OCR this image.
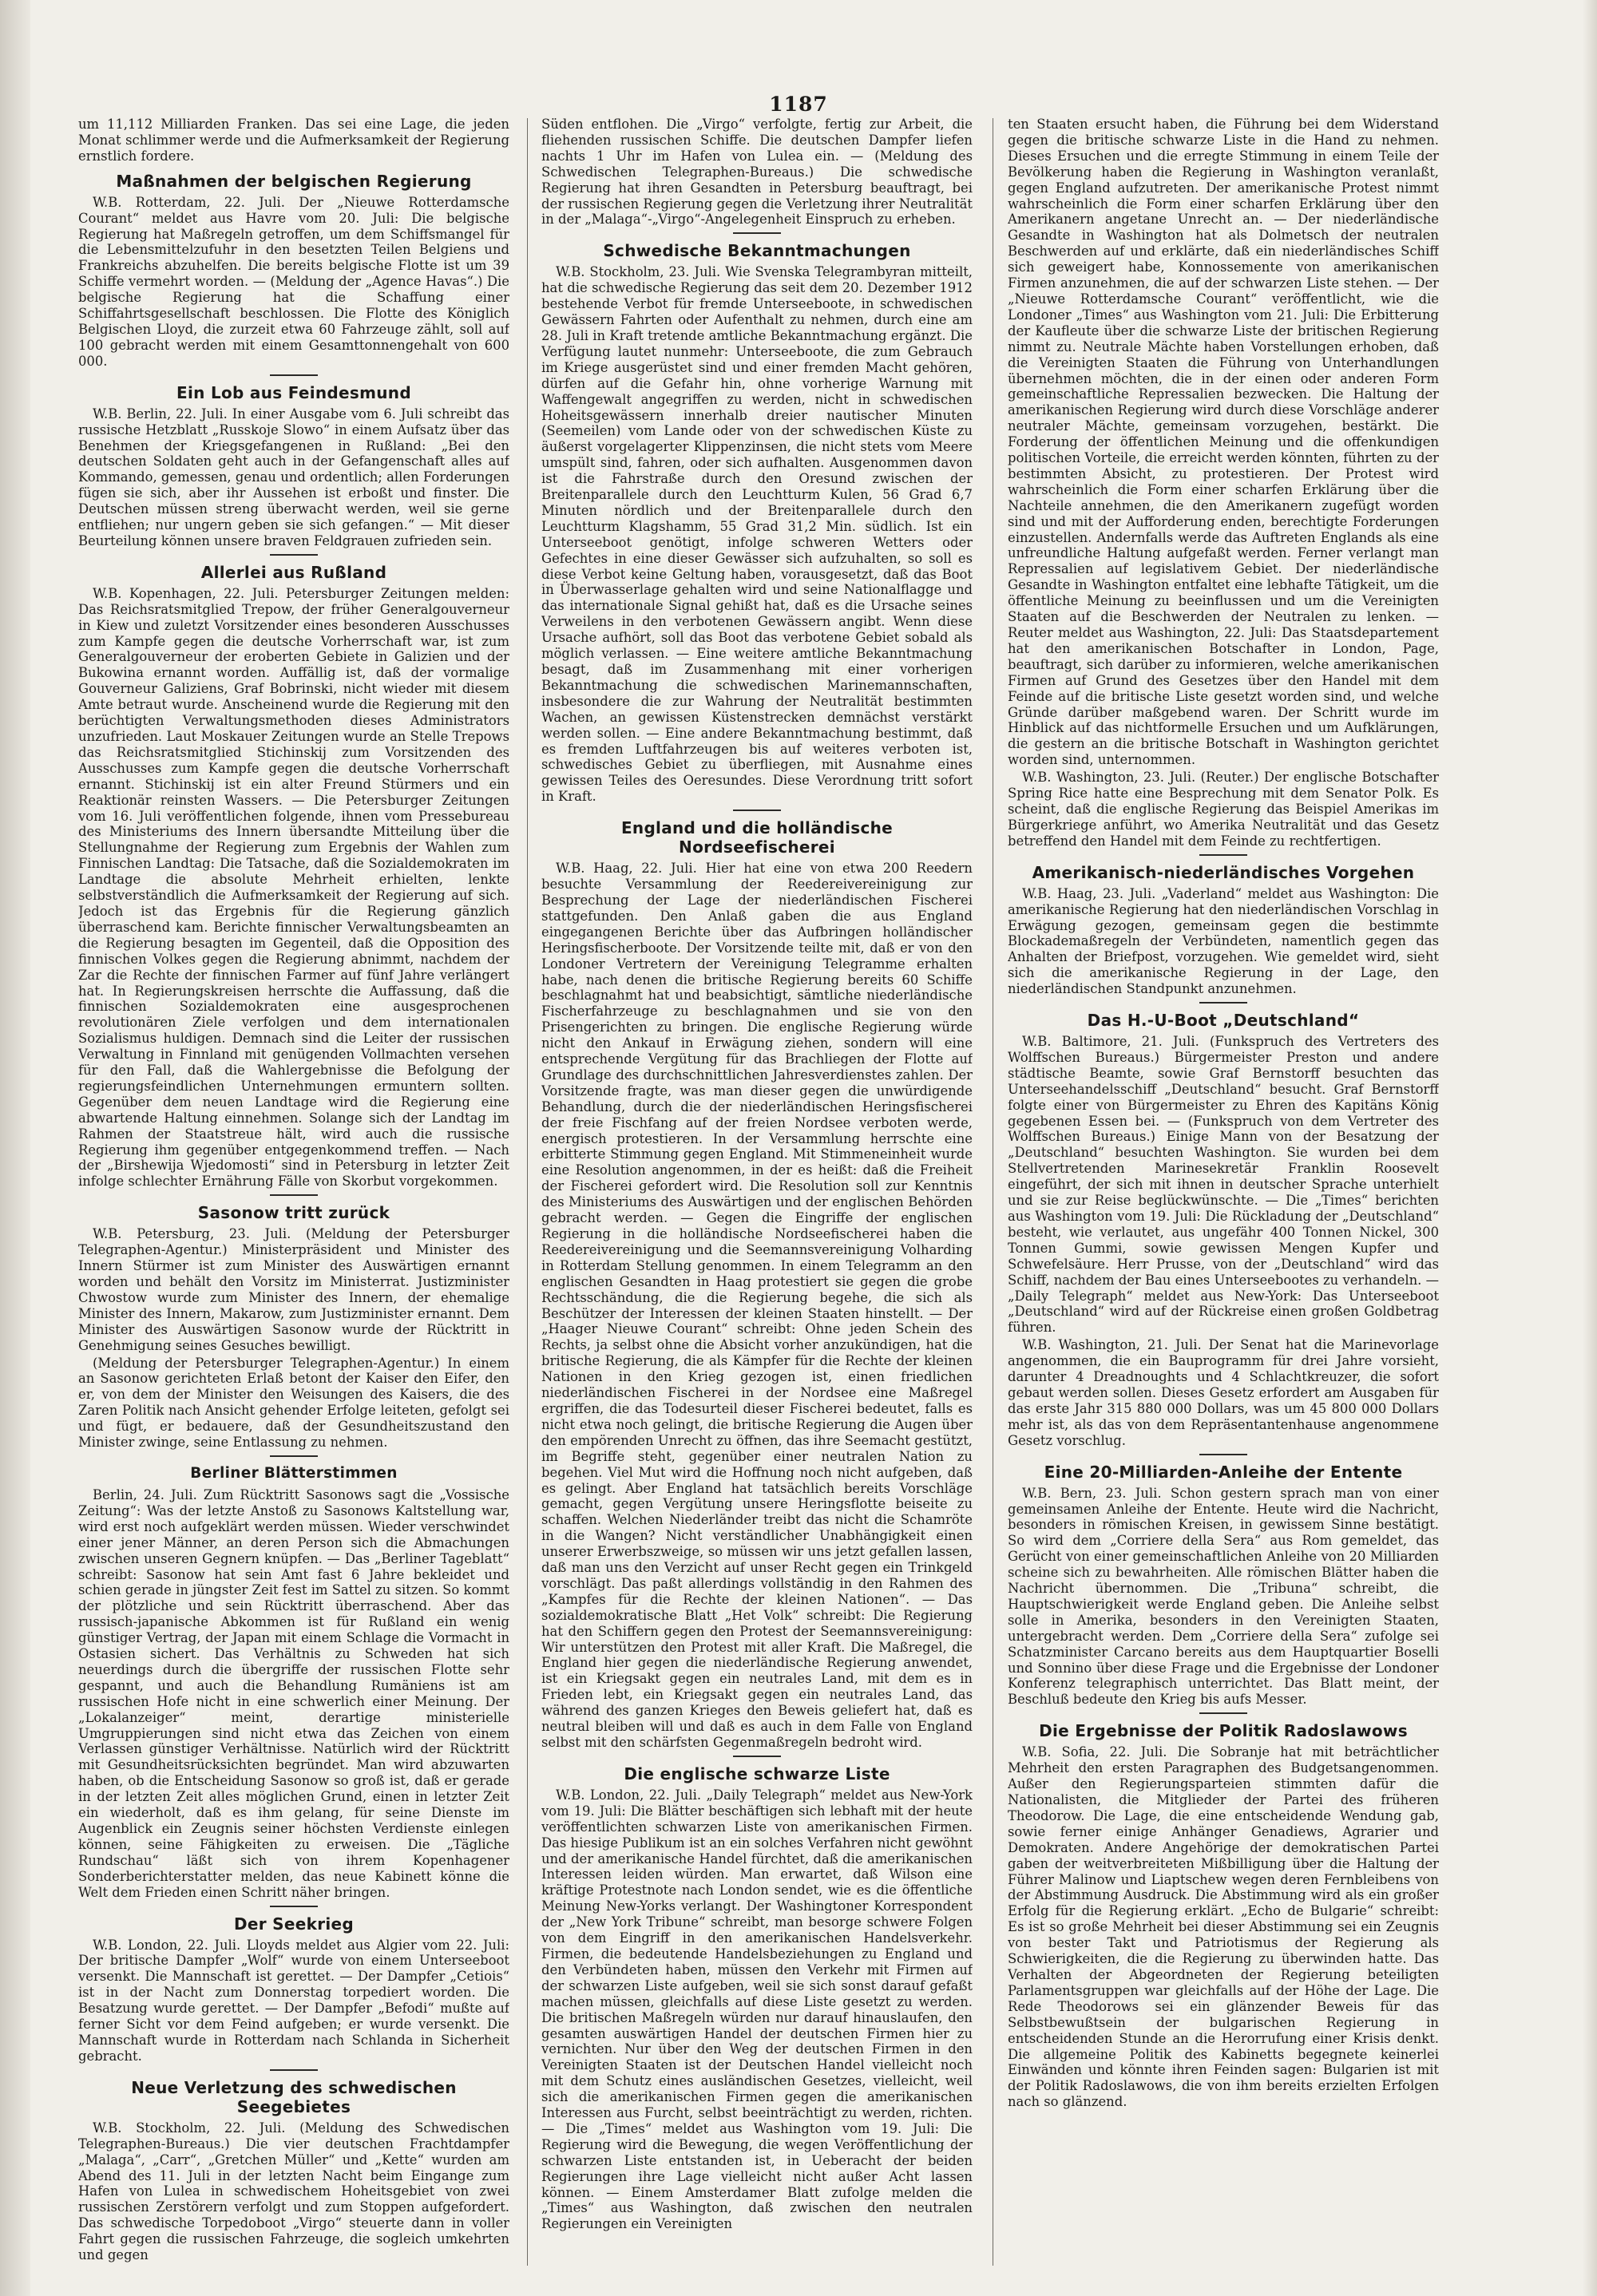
1187

um 11,112 Milliarden Franken. Das sei eine Lage, die jeden Monat schlimmer werde und die Aufmerksamkeit der Regierung ernstlich fordere.

Maßnahmen der belgischen Regierung

W.B. Rotterdam, 22. Juli. Der „Nieuwe Rotterdamsche Courant“ meldet aus Havre vom 20. Juli: Die belgische Regierung hat Maßregeln getroffen, um dem Schiffsmangel für die Lebensmittelzufuhr in den besetzten Teilen Belgiens und Frankreichs abzuhelfen. Die bereits belgische Flotte ist um 39 Schiffe vermehrt worden. — (Meldung der „Agence Havas“.) Die belgische Regierung hat die Schaffung einer Schiffahrtsgesellschaft beschlossen. Die Flotte des Königlich Belgischen Lloyd, die zurzeit etwa 60 Fahrzeuge zählt, soll auf 100 gebracht werden mit einem Gesamttonnengehalt von 600 000.

Ein Lob aus Feindesmund

W.B. Berlin, 22. Juli. In einer Ausgabe vom 6. Juli schreibt das russische Hetzblatt „Russkoje Slowo“ in einem Aufsatz über das Benehmen der Kriegsgefangenen in Rußland: „Bei den deutschen Soldaten geht auch in der Gefangenschaft alles auf Kommando, gemessen, genau und ordentlich; allen Forderungen fügen sie sich, aber ihr Aussehen ist erboßt und finster. Die Deutschen müssen streng überwacht werden, weil sie gerne entfliehen; nur ungern geben sie sich gefangen.“ — Mit dieser Beurteilung können unsere braven Feldgrauen zufrieden sein.

Allerlei aus Rußland

W.B. Kopenhagen, 22. Juli. Petersburger Zeitungen melden: Das Reichsratsmitglied Trepow, der früher Generalgouverneur in Kiew und zuletzt Vorsitzender eines besonderen Ausschusses zum Kampfe gegen die deutsche Vorherrschaft war, ist zum Generalgouverneur der eroberten Gebiete in Galizien und der Bukowina ernannt worden. Auffällig ist, daß der vormalige Gouverneur Galiziens, Graf Bobrinski, nicht wieder mit diesem Amte betraut wurde. Anscheinend wurde die Regierung mit den berüchtigten Verwaltungsmethoden dieses Administrators unzufrieden. Laut Moskauer Zeitungen wurde an Stelle Trepows das Reichsratsmitglied Stichinskij zum Vorsitzenden des Ausschusses zum Kampfe gegen die deutsche Vorherrschaft ernannt. Stichinskij ist ein alter Freund Stürmers und ein Reaktionär reinsten Wassers. — Die Petersburger Zeitungen vom 16. Juli veröffentlichen folgende, ihnen vom Pressebureau des Ministeriums des Innern übersandte Mitteilung über die Stellungnahme der Regierung zum Ergebnis der Wahlen zum Finnischen Landtag: Die Tatsache, daß die Sozialdemokraten im Landtage die absolute Mehrheit erhielten, lenkte selbstverständlich die Aufmerksamkeit der Regierung auf sich. Jedoch ist das Ergebnis für die Regierung gänzlich überraschend kam. Berichte finnischer Verwaltungsbeamten an die Regierung besagten im Gegenteil, daß die Opposition des finnischen Volkes gegen die Regierung abnimmt, nachdem der Zar die Rechte der finnischen Farmer auf fünf Jahre verlängert hat. In Regierungskreisen herrschte die Auffassung, daß die finnischen Sozialdemokraten eine ausgesprochenen revolutionären Ziele verfolgen und dem internationalen Sozialismus huldigen. Demnach sind die Leiter der russischen Verwaltung in Finnland mit genügenden Vollmachten versehen für den Fall, daß die Wahlergebnisse die Befolgung der regierungsfeindlichen Unternehmungen ermuntern sollten. Gegenüber dem neuen Landtage wird die Regierung eine abwartende Haltung einnehmen. Solange sich der Landtag im Rahmen der Staatstreue hält, wird auch die russische Regierung ihm gegenüber entgegenkommend treffen. — Nach der „Birshewija Wjedomosti“ sind in Petersburg in letzter Zeit infolge schlechter Ernährung Fälle von Skorbut vorgekommen.

Sasonow tritt zurück

W.B. Petersburg, 23. Juli. (Meldung der Petersburger Telegraphen-Agentur.) Ministerpräsident und Minister des Innern Stürmer ist zum Minister des Auswärtigen ernannt worden und behält den Vorsitz im Ministerrat. Justizminister Chwostow wurde zum Minister des Innern, der ehemalige Minister des Innern, Makarow, zum Justizminister ernannt. Dem Minister des Auswärtigen Sasonow wurde der Rücktritt in Genehmigung seines Gesuches bewilligt.

(Meldung der Petersburger Telegraphen-Agentur.) In einem an Sasonow gerichteten Erlaß betont der Kaiser den Eifer, den er, von dem der Minister den Weisungen des Kaisers, die des Zaren Politik nach Ansicht gehender Erfolge leiteten, gefolgt sei und fügt, er bedauere, daß der Gesundheitszustand den Minister zwinge, seine Entlassung zu nehmen.

Berliner Blätterstimmen

Berlin, 24. Juli. Zum Rücktritt Sasonows sagt die „Vossische Zeitung“: Was der letzte Anstoß zu Sasonows Kaltstellung war, wird erst noch aufgeklärt werden müssen. Wieder verschwindet einer jener Männer, an deren Person sich die Abmachungen zwischen unseren Gegnern knüpfen. — Das „Berliner Tageblatt“ schreibt: Sasonow hat sein Amt fast 6 Jahre bekleidet und schien gerade in jüngster Zeit fest im Sattel zu sitzen. So kommt der plötzliche und sein Rücktritt überraschend. Aber das russisch-japanische Abkommen ist für Rußland ein wenig günstiger Vertrag, der Japan mit einem Schlage die Vormacht in Ostasien sichert. Das Verhältnis zu Schweden hat sich neuerdings durch die übergriffe der russischen Flotte sehr gespannt, und auch die Behandlung Rumäniens ist am russischen Hofe nicht in eine schwerlich einer Meinung. Der „Lokalanzeiger“ meint, derartige ministerielle Umgruppierungen sind nicht etwa das Zeichen von einem Verlassen günstiger Verhältnisse. Natürlich wird der Rücktritt mit Gesundheitsrücksichten begründet. Man wird abzuwarten haben, ob die Entscheidung Sasonow so groß ist, daß er gerade in der letzten Zeit alles möglichen Grund, einen in letzter Zeit ein wiederholt, daß es ihm gelang, für seine Dienste im Augenblick ein Zeugnis seiner höchsten Verdienste einlegen können, seine Fähigkeiten zu erweisen. Die „Tägliche Rundschau“ läßt sich von ihrem Kopenhagener Sonderberichterstatter melden, das neue Kabinett könne die Welt dem Frieden einen Schritt näher bringen.

Der Seekrieg

W.B. London, 22. Juli. Lloyds meldet aus Algier vom 22. Juli: Der britische Dampfer „Wolf“ wurde von einem Unterseeboot versenkt. Die Mannschaft ist gerettet. — Der Dampfer „Cetiois“ ist in der Nacht zum Donnerstag torpediert worden. Die Besatzung wurde gerettet. — Der Dampfer „Befodi“ mußte auf ferner Sicht vor dem Feind aufgeben; er wurde versenkt. Die Mannschaft wurde in Rotterdam nach Schlanda in Sicherheit gebracht.

Neue Verletzung des schwedischen Seegebietes

W.B. Stockholm, 22. Juli. (Meldung des Schwedischen Telegraphen-Bureaus.) Die vier deutschen Frachtdampfer „Malaga“, „Carr“, „Gretchen Müller“ und „Kette“ wurden am Abend des 11. Juli in der letzten Nacht beim Eingange zum Hafen von Lulea in schwedischem Hoheitsgebiet von zwei russischen Zerstörern verfolgt und zum Stoppen aufgefordert. Das schwedische Torpedoboot „Virgo“ steuerte dann in voller Fahrt gegen die russischen Fahrzeuge, die sogleich umkehrten und gegen

Süden entflohen. Die „Virgo“ verfolgte, fertig zur Arbeit, die fliehenden russischen Schiffe. Die deutschen Dampfer liefen nachts 1 Uhr im Hafen von Lulea ein. — (Meldung des Schwedischen Telegraphen-Bureaus.) Die schwedische Regierung hat ihren Gesandten in Petersburg beauftragt, bei der russischen Regierung gegen die Verletzung ihrer Neutralität in der „Malaga“-„Virgo“-Angelegenheit Einspruch zu erheben.

Schwedische Bekanntmachungen

W.B. Stockholm, 23. Juli. Wie Svenska Telegrambyran mitteilt, hat die schwedische Regierung das seit dem 20. Dezember 1912 bestehende Verbot für fremde Unterseeboote, in schwedischen Gewässern Fahrten oder Aufenthalt zu nehmen, durch eine am 28. Juli in Kraft tretende amtliche Bekanntmachung ergänzt. Die Verfügung lautet nunmehr: Unterseeboote, die zum Gebrauch im Kriege ausgerüstet sind und einer fremden Macht gehören, dürfen auf die Gefahr hin, ohne vorherige Warnung mit Waffengewalt angegriffen zu werden, nicht in schwedischen Hoheitsgewässern innerhalb dreier nautischer Minuten (Seemeilen) vom Lande oder von der schwedischen Küste zu äußerst vorgelagerter Klippenzinsen, die nicht stets vom Meere umspült sind, fahren, oder sich aufhalten. Ausgenommen davon ist die Fahrstraße durch den Oresund zwischen der Breitenparallele durch den Leuchtturm Kulen, 56 Grad 6,7 Minuten nördlich und der Breitenparallele durch den Leuchtturm Klagshamm, 55 Grad 31,2 Min. südlich. Ist ein Unterseeboot genötigt, infolge schweren Wetters oder Gefechtes in eine dieser Gewässer sich aufzuhalten, so soll es diese Verbot keine Geltung haben, vorausgesetzt, daß das Boot in Überwasserlage gehalten wird und seine Nationalflagge und das internationale Signal gehißt hat, daß es die Ursache seines Verweilens in den verbotenen Gewässern angibt. Wenn diese Ursache aufhört, soll das Boot das verbotene Gebiet sobald als möglich verlassen. — Eine weitere amtliche Bekanntmachung besagt, daß im Zusammenhang mit einer vorherigen Bekanntmachung die schwedischen Marinemannschaften, insbesondere die zur Wahrung der Neutralität bestimmten Wachen, an gewissen Küstenstrecken demnächst verstärkt werden sollen. — Eine andere Bekanntmachung bestimmt, daß es fremden Luftfahrzeugen bis auf weiteres verboten ist, schwedisches Gebiet zu überfliegen, mit Ausnahme eines gewissen Teiles des Oeresundes. Diese Verordnung tritt sofort in Kraft.

England und die holländische Nordseefischerei

W.B. Haag, 22. Juli. Hier hat eine von etwa 200 Reedern besuchte Versammlung der Reedereivereinigung zur Besprechung der Lage der niederländischen Fischerei stattgefunden. Den Anlaß gaben die aus England eingegangenen Berichte über das Aufbringen holländischer Heringsfischerboote. Der Vorsitzende teilte mit, daß er von den Londoner Vertretern der Vereinigung Telegramme erhalten habe, nach denen die britische Regierung bereits 60 Schiffe beschlagnahmt hat und beabsichtigt, sämtliche niederländische Fischerfahrzeuge zu beschlagnahmen und sie von den Prisengerichten zu bringen. Die englische Regierung würde nicht den Ankauf in Erwägung ziehen, sondern will eine entsprechende Vergütung für das Brachliegen der Flotte auf Grundlage des durchschnittlichen Jahresverdienstes zahlen. Der Vorsitzende fragte, was man dieser gegen die unwürdigende Behandlung, durch die der niederländischen Heringsfischerei der freie Fischfang auf der freien Nordsee verboten werde, energisch protestieren. In der Versammlung herrschte eine erbitterte Stimmung gegen England. Mit Stimmeneinheit wurde eine Resolution angenommen, in der es heißt: daß die Freiheit der Fischerei gefordert wird. Die Resolution soll zur Kenntnis des Ministeriums des Auswärtigen und der englischen Behörden gebracht werden. — Gegen die Eingriffe der englischen Regierung in die holländische Nordseefischerei haben die Reedereivereinigung und die Seemannsvereinigung Volharding in Rotterdam Stellung genommen. In einem Telegramm an den englischen Gesandten in Haag protestiert sie gegen die grobe Rechtsschändung, die die Regierung begehe, die sich als Beschützer der Interessen der kleinen Staaten hinstellt. — Der „Haager Nieuwe Courant“ schreibt: Ohne jeden Schein des Rechts, ja selbst ohne die Absicht vorher anzukündigen, hat die britische Regierung, die als Kämpfer für die Rechte der kleinen Nationen in den Krieg gezogen ist, einen friedlichen niederländischen Fischerei in der Nordsee eine Maßregel ergriffen, die das Todesurteil dieser Fischerei bedeutet, falls es nicht etwa noch gelingt, die britische Regierung die Augen über den empörenden Unrecht zu öffnen, das ihre Seemacht gestützt, im Begriffe steht, gegenüber einer neutralen Nation zu begehen. Viel Mut wird die Hoffnung noch nicht aufgeben, daß es gelingt. Aber England hat tatsächlich bereits Vorschläge gemacht, gegen Vergütung unsere Heringsflotte beiseite zu schaffen. Welchen Niederländer treibt das nicht die Schamröte in die Wangen? Nicht verständlicher Unabhängigkeit einen unserer Erwerbszweige, so müssen wir uns jetzt gefallen lassen, daß man uns den Verzicht auf unser Recht gegen ein Trinkgeld vorschlägt. Das paßt allerdings vollständig in den Rahmen des „Kampfes für die Rechte der kleinen Nationen“. — Das sozialdemokratische Blatt „Het Volk“ schreibt: Die Regierung hat den Schiffern gegen den Protest der Seemannsvereinigung: Wir unterstützen den Protest mit aller Kraft. Die Maßregel, die England hier gegen die niederländische Regierung anwendet, ist ein Kriegsakt gegen ein neutrales Land, mit dem es in Frieden lebt, ein Kriegsakt gegen ein neutrales Land, das während des ganzen Krieges den Beweis geliefert hat, daß es neutral bleiben will und daß es auch in dem Falle von England selbst mit den schärfsten Gegenmaßregeln bedroht wird.

Die englische schwarze Liste

W.B. London, 22. Juli. „Daily Telegraph“ meldet aus New-York vom 19. Juli: Die Blätter beschäftigen sich lebhaft mit der heute veröffentlichten schwarzen Liste von amerikanischen Firmen. Das hiesige Publikum ist an ein solches Verfahren nicht gewöhnt und der amerikanische Handel fürchtet, daß die amerikanischen Interessen leiden würden. Man erwartet, daß Wilson eine kräftige Protestnote nach London sendet, wie es die öffentliche Meinung New-Yorks verlangt. Der Washingtoner Korrespondent der „New York Tribune“ schreibt, man besorge schwere Folgen von dem Eingriff in den amerikanischen Handelsverkehr. Firmen, die bedeutende Handelsbeziehungen zu England und den Verbündeten haben, müssen den Verkehr mit Firmen auf der schwarzen Liste aufgeben, weil sie sich sonst darauf gefaßt machen müssen, gleichfalls auf diese Liste gesetzt zu werden. Die britischen Maßregeln würden nur darauf hinauslaufen, den gesamten auswärtigen Handel der deutschen Firmen hier zu vernichten. Nur über den Weg der deutschen Firmen in den Vereinigten Staaten ist der Deutschen Handel vielleicht noch mit dem Schutz eines ausländischen Gesetzes, vielleicht, weil sich die amerikanischen Firmen gegen die amerikanischen Interessen aus Furcht, selbst beeinträchtigt zu werden, richten. — Die „Times“ meldet aus Washington vom 19. Juli: Die Regierung wird die Bewegung, die wegen Veröffentlichung der schwarzen Liste entstanden ist, in Ueberacht der beiden Regierungen ihre Lage vielleicht nicht außer Acht lassen können. — Einem Amsterdamer Blatt zufolge melden die „Times“ aus Washington, daß zwischen den neutralen Regierungen ein Vereinigten

ten Staaten ersucht haben, die Führung bei dem Widerstand gegen die britische schwarze Liste in die Hand zu nehmen. Dieses Ersuchen und die erregte Stimmung in einem Teile der Bevölkerung haben die Regierung in Washington veranlaßt, gegen England aufzutreten. Der amerikanische Protest nimmt wahrscheinlich die Form einer scharfen Erklärung über den Amerikanern angetane Unrecht an. — Der niederländische Gesandte in Washington hat als Dolmetsch der neutralen Beschwerden auf und erklärte, daß ein niederländisches Schiff sich geweigert habe, Konnossemente von amerikanischen Firmen anzunehmen, die auf der schwarzen Liste stehen. — Der „Nieuwe Rotterdamsche Courant“ veröffentlicht, wie die Londoner „Times“ aus Washington vom 21. Juli: Die Erbitterung der Kaufleute über die schwarze Liste der britischen Regierung nimmt zu. Neutrale Mächte haben Vorstellungen erhoben, daß die Vereinigten Staaten die Führung von Unterhandlungen übernehmen möchten, die in der einen oder anderen Form gemeinschaftliche Repressalien bezwecken. Die Haltung der amerikanischen Regierung wird durch diese Vorschläge anderer neutraler Mächte, gemeinsam vorzugehen, bestärkt. Die Forderung der öffentlichen Meinung und die offenkundigen politischen Vorteile, die erreicht werden könnten, führten zu der bestimmten Absicht, zu protestieren. Der Protest wird wahrscheinlich die Form einer scharfen Erklärung über die Nachteile annehmen, die den Amerikanern zugefügt worden sind und mit der Aufforderung enden, berechtigte Forderungen einzustellen. Andernfalls werde das Auftreten Englands als eine unfreundliche Haltung aufgefaßt werden. Ferner verlangt man Repressalien auf legislativem Gebiet. Der niederländische Gesandte in Washington entfaltet eine lebhafte Tätigkeit, um die öffentliche Meinung zu beeinflussen und um die Vereinigten Staaten auf die Beschwerden der Neutralen zu lenken. — Reuter meldet aus Washington, 22. Juli: Das Staatsdepartement hat den amerikanischen Botschafter in London, Page, beauftragt, sich darüber zu informieren, welche amerikanischen Firmen auf Grund des Gesetzes über den Handel mit dem Feinde auf die britische Liste gesetzt worden sind, und welche Gründe darüber maßgebend waren. Der Schritt wurde im Hinblick auf das nichtformelle Ersuchen und um Aufklärungen, die gestern an die britische Botschaft in Washington gerichtet worden sind, unternommen.

W.B. Washington, 23. Juli. (Reuter.) Der englische Botschafter Spring Rice hatte eine Besprechung mit dem Senator Polk. Es scheint, daß die englische Regierung das Beispiel Amerikas im Bürgerkriege anführt, wo Amerika Neutralität und das Gesetz betreffend den Handel mit dem Feinde zu rechtfertigen.

Amerikanisch-niederländisches Vorgehen

W.B. Haag, 23. Juli. „Vaderland“ meldet aus Washington: Die amerikanische Regierung hat den niederländischen Vorschlag in Erwägung gezogen, gemeinsam gegen die bestimmte Blockademaßregeln der Verbündeten, namentlich gegen das Anhalten der Briefpost, vorzugehen. Wie gemeldet wird, sieht sich die amerikanische Regierung in der Lage, den niederländischen Standpunkt anzunehmen.

Das H.-U-Boot „Deutschland“

W.B. Baltimore, 21. Juli. (Funkspruch des Vertreters des Wolffschen Bureaus.) Bürgermeister Preston und andere städtische Beamte, sowie Graf Bernstorff besuchten das Unterseehandelsschiff „Deutschland“ besucht. Graf Bernstorff folgte einer von Bürgermeister zu Ehren des Kapitäns König gegebenen Essen bei. — (Funkspruch von dem Vertreter des Wolffschen Bureaus.) Einige Mann von der Besatzung der „Deutschland“ besuchten Washington. Sie wurden bei dem Stellvertretenden Marinesekretär Franklin Roosevelt eingeführt, der sich mit ihnen in deutscher Sprache unterhielt und sie zur Reise beglückwünschte. — Die „Times“ berichten aus Washington vom 19. Juli: Die Rückladung der „Deutschland“ besteht, wie verlautet, aus ungefähr 400 Tonnen Nickel, 300 Tonnen Gummi, sowie gewissen Mengen Kupfer und Schwefelsäure. Herr Prusse, von der „Deutschland“ wird das Schiff, nachdem der Bau eines Unterseebootes zu verhandeln. — „Daily Telegraph“ meldet aus New-York: Das Unterseeboot „Deutschland“ wird auf der Rückreise einen großen Goldbetrag führen.

W.B. Washington, 21. Juli. Der Senat hat die Marinevorlage angenommen, die ein Bauprogramm für drei Jahre vorsieht, darunter 4 Dreadnoughts und 4 Schlachtkreuzer, die sofort gebaut werden sollen. Dieses Gesetz erfordert am Ausgaben für das erste Jahr 315 880 000 Dollars, was um 45 800 000 Dollars mehr ist, als das von dem Repräsentantenhause angenommene Gesetz vorschlug.

Eine 20-Milliarden-Anleihe der Entente

W.B. Bern, 23. Juli. Schon gestern sprach man von einer gemeinsamen Anleihe der Entente. Heute wird die Nachricht, besonders in römischen Kreisen, in gewissem Sinne bestätigt. So wird dem „Corriere della Sera“ aus Rom gemeldet, das Gerücht von einer gemeinschaftlichen Anleihe von 20 Milliarden scheine sich zu bewahrheiten. Alle römischen Blätter haben die Nachricht übernommen. Die „Tribuna“ schreibt, die Hauptschwierigkeit werde England geben. Die Anleihe selbst solle in Amerika, besonders in den Vereinigten Staaten, untergebracht werden. Dem „Corriere della Sera“ zufolge sei Schatzminister Carcano bereits aus dem Hauptquartier Boselli und Sonnino über diese Frage und die Ergebnisse der Londoner Konferenz telegraphisch unterrichtet. Das Blatt meint, der Beschluß bedeute den Krieg bis aufs Messer.

Die Ergebnisse der Politik Radoslawows

W.B. Sofia, 22. Juli. Die Sobranje hat mit beträchtlicher Mehrheit den ersten Paragraphen des Budgetsangenommen. Außer den Regierungsparteien stimmten dafür die Nationalisten, die Mitglieder der Partei des früheren Theodorow. Die Lage, die eine entscheidende Wendung gab, sowie ferner einige Anhänger Genadiews, Agrarier und Demokraten. Andere Angehörige der demokratischen Partei gaben der weitverbreiteten Mißbilligung über die Haltung der Führer Malinow und Liaptschew wegen deren Fernbleibens von der Abstimmung Ausdruck. Die Abstimmung wird als ein großer Erfolg für die Regierung erklärt. „Echo de Bulgarie“ schreibt: Es ist so große Mehrheit bei dieser Abstimmung sei ein Zeugnis von bester Takt und Patriotismus der Regierung als Schwierigkeiten, die die Regierung zu überwinden hatte. Das Verhalten der Abgeordneten der Regierung beteiligten Parlamentsgruppen war gleichfalls auf der Höhe der Lage. Die Rede Theodorows sei ein glänzender Beweis für das Selbstbewußtsein der bulgarischen Regierung in entscheidenden Stunde an die Herorrufung einer Krisis denkt. Die allgemeine Politik des Kabinetts begegnete keinerlei Einwänden und könnte ihren Feinden sagen: Bulgarien ist mit der Politik Radoslawows, die von ihm bereits erzielten Erfolgen nach so glänzend.
